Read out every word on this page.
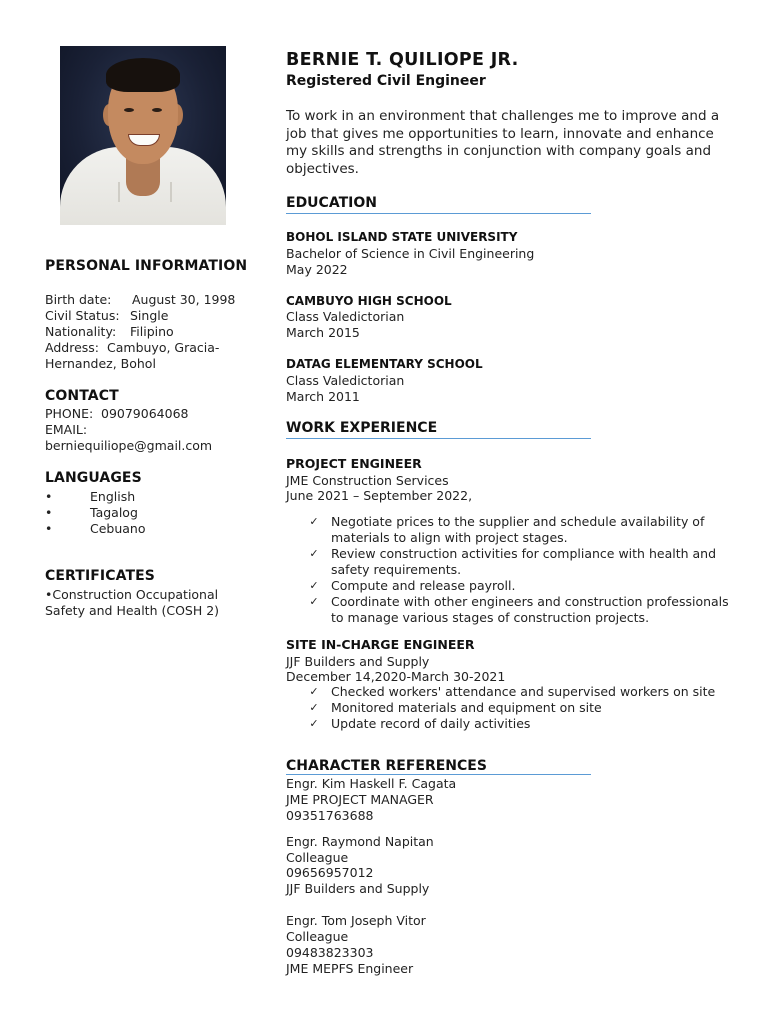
PERSONAL INFORMATION
Birth date: August 30, 1998
Civil Status: Single
Nationality: Filipino
Address: Cambuyo, Gracia-
Hernandez, Bohol
CONTACT
PHONE: 09079064068
EMAIL:
berniequiliope@gmail.com
LANGUAGES
•	English
•	Tagalog
•	Cebuano
CERTIFICATES
•Construction Occupational
Safety and Health (COSH 2)
BERNIE T. QUILIOPE JR.
Registered Civil Engineer
To work in an environment that challenges me to improve and a job that gives me opportunities to learn, innovate and enhance my skills and strengths in conjunction with company goals and objectives.
EDUCATION
BOHOL ISLAND STATE UNIVERSITY
Bachelor of Science in Civil Engineering
May 2022
CAMBUYO HIGH SCHOOL
Class Valedictorian
March 2015
DATAG ELEMENTARY SCHOOL
Class Valedictorian
March 2011
WORK EXPERIENCE
PROJECT ENGINEER
JME Construction Services
June 2021 – September 2022,
✓ Negotiate prices to the supplier and schedule availability of materials to align with project stages.
✓ Review construction activities for compliance with health and safety requirements.
✓ Compute and release payroll.
✓ Coordinate with other engineers and construction professionals to manage various stages of construction projects.
SITE IN-CHARGE ENGINEER
JJF Builders and Supply
December 14,2020-March 30-2021
✓ Checked workers' attendance and supervised workers on site
✓ Monitored materials and equipment on site
✓ Update record of daily activities
CHARACTER REFERENCES
Engr. Kim Haskell F. Cagata
JME PROJECT MANAGER
09351763688
Engr. Raymond Napitan
Colleague
09656957012
JJF Builders and Supply
Engr. Tom Joseph Vitor
Colleague
09483823303
JME MEPFS Engineer
